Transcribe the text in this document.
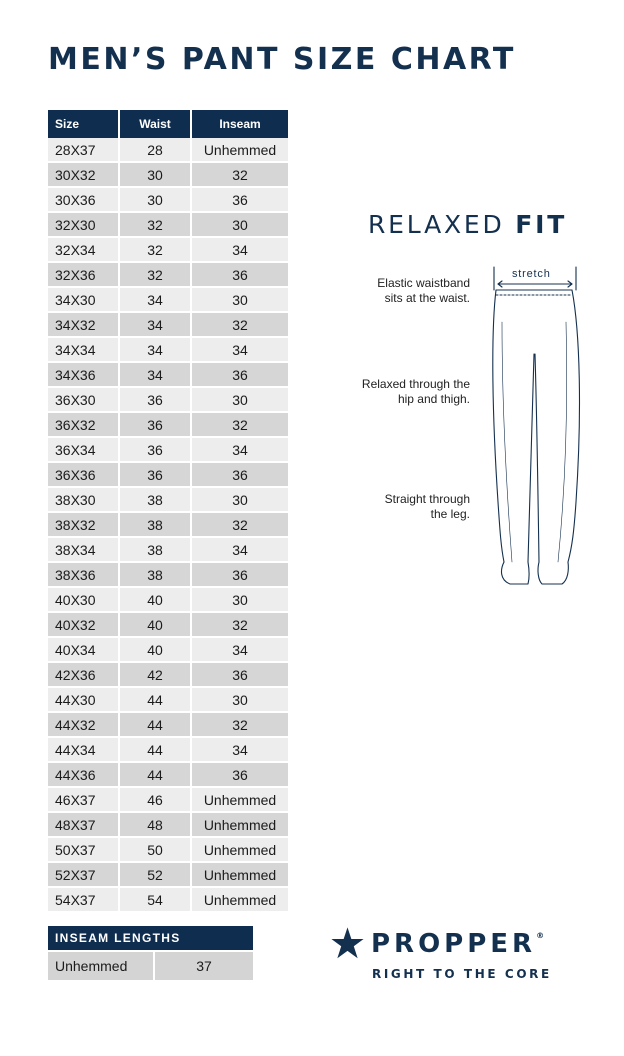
MEN’S PANT SIZE CHART
Size	Waist	Inseam
28X37	28	Unhemmed
30X32	30	32
30X36	30	36
32X30	32	30
32X34	32	34
32X36	32	36
34X30	34	30
34X32	34	32
34X34	34	34
34X36	34	36
36X30	36	30
36X32	36	32
36X34	36	34
36X36	36	36
38X30	38	30
38X32	38	32
38X34	38	34
38X36	38	36
40X30	40	30
40X32	40	32
40X34	40	34
42X36	42	36
44X30	44	30
44X32	44	32
44X34	44	34
44X36	44	36
46X37	46	Unhemmed
48X37	48	Unhemmed
50X37	50	Unhemmed
52X37	52	Unhemmed
54X37	54	Unhemmed
INSEAM LENGTHS
Unhemmed	37
RELAXED FIT

Elastic waistband
sits at the waist.

Relaxed through the
hip and thigh.

Straight through
the leg.

stretch
PROPPER®
RIGHT TO THE CORE
